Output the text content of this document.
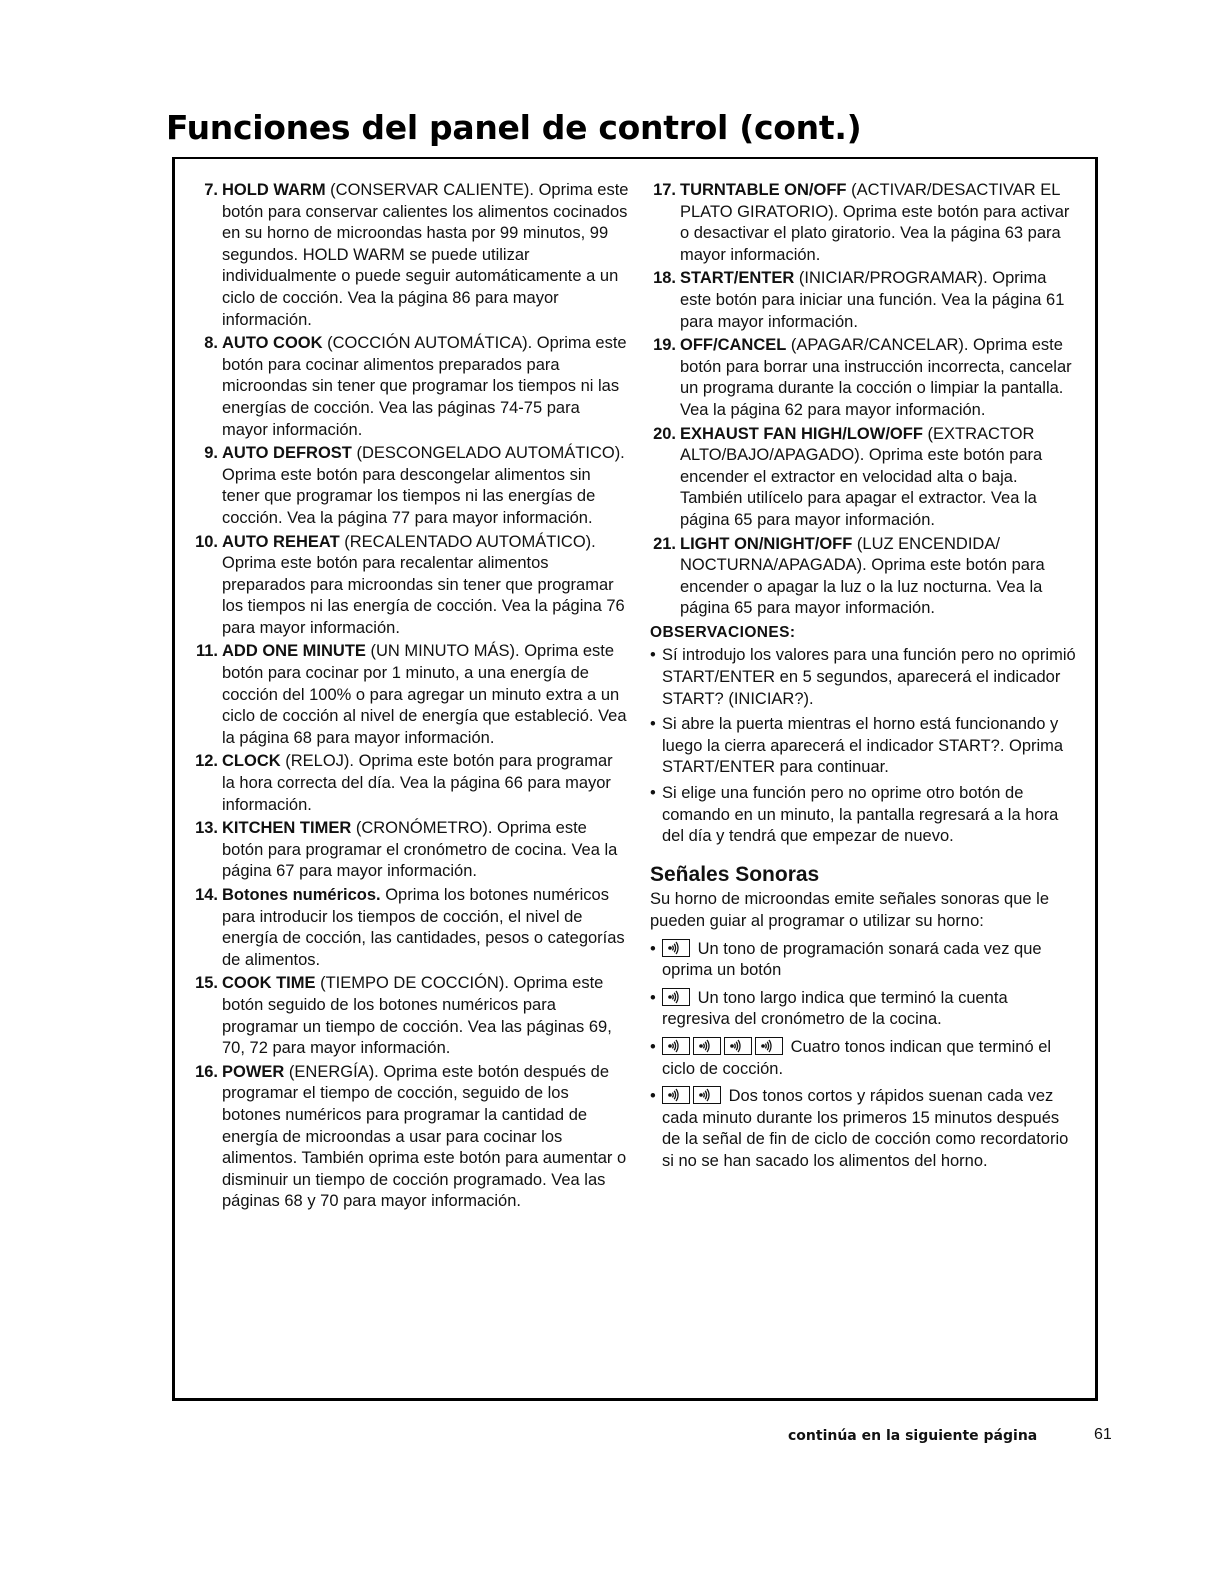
Funciones del panel de control (cont.)
7. HOLD WARM (CONSERVAR CALIENTE). Oprima este botón para conservar calientes los alimentos cocinados en su horno de microondas hasta por 99 minutos, 99 segundos. HOLD WARM se puede utilizar individualmente o puede seguir automáticamente a un ciclo de cocción. Vea la página 86 para mayor información.
8. AUTO COOK (COCCIÓN AUTOMÁTICA). Oprima este botón para cocinar alimentos preparados para microondas sin tener que programar los tiempos ni las energías de cocción. Vea las páginas 74-75 para mayor información.
9. AUTO DEFROST (DESCONGELADO AUTOMÁTICO). Oprima este botón para descongelar alimentos sin tener que programar los tiempos ni las energías de cocción. Vea la página 77 para mayor información.
10. AUTO REHEAT (RECALENTADO AUTOMÁTICO). Oprima este botón para recalentar alimentos preparados para microondas sin tener que programar los tiempos ni las energía de cocción. Vea la página 76 para mayor información.
11. ADD ONE MINUTE (UN MINUTO MÁS). Oprima este botón para cocinar por 1 minuto, a una energía de cocción del 100% o para agregar un minuto extra a un ciclo de cocción al nivel de energía que estableció. Vea la página 68 para mayor información.
12. CLOCK (RELOJ). Oprima este botón para programar la hora correcta del día. Vea la página 66 para mayor información.
13. KITCHEN TIMER (CRONÓMETRO). Oprima este botón para programar el cronómetro de cocina. Vea la página 67 para mayor información.
14. Botones numéricos. Oprima los botones numéricos para introducir los tiempos de cocción, el nivel de energía de cocción, las cantidades, pesos o categorías de alimentos.
15. COOK TIME (TIEMPO DE COCCIÓN). Oprima este botón seguido de los botones numéricos para programar un tiempo de cocción. Vea las páginas 69, 70, 72 para mayor información.
16. POWER (ENERGÍA). Oprima este botón después de programar el tiempo de cocción, seguido de los botones numéricos para programar la cantidad de energía de microondas a usar para cocinar los alimentos. También oprima este botón para aumentar o disminuir un tiempo de cocción programado. Vea las páginas 68 y 70 para mayor información.
17. TURNTABLE ON/OFF (ACTIVAR/DESACTIVAR EL PLATO GIRATORIO). Oprima este botón para activar o desactivar el plato giratorio. Vea la página 63 para mayor información.
18. START/ENTER (INICIAR/PROGRAMAR). Oprima este botón para iniciar una función. Vea la página 61 para mayor información.
19. OFF/CANCEL (APAGAR/CANCELAR). Oprima este botón para borrar una instrucción incorrecta, cancelar un programa durante la cocción o limpiar la pantalla. Vea la página 62 para mayor información.
20. EXHAUST FAN HIGH/LOW/OFF (EXTRACTOR ALTO/BAJO/APAGADO). Oprima este botón para encender el extractor en velocidad alta o baja. También utilícelo para apagar el extractor. Vea la página 65 para mayor información.
21. LIGHT ON/NIGHT/OFF (LUZ ENCENDIDA/ NOCTURNA/APAGADA). Oprima este botón para encender o apagar la luz o la luz nocturna. Vea la página 65 para mayor información.
OBSERVACIONES:
• Sí introdujo los valores para una función pero no oprimió START/ENTER en 5 segundos, aparecerá el indicador START? (INICIAR?).
• Si abre la puerta mientras el horno está funcionando y luego la cierra aparecerá el indicador START?. Oprima START/ENTER para continuar.
• Si elige una función pero no oprime otro botón de comando en un minuto, la pantalla regresará a la hora del día y tendrá que empezar de nuevo.
Señales Sonoras
Su horno de microondas emite señales sonoras que le pueden guiar al programar o utilizar su horno:
•	Un tono de programación sonará cada vez que oprima un botón
•	Un tono largo indica que terminó la cuenta regresiva del cronómetro de la cocina.
•	Cuatro tonos indican que terminó el ciclo de cocción.
•	Dos tonos cortos y rápidos suenan cada vez cada minuto durante los primeros 15 minutos después de la señal de fin de ciclo de cocción como recordatorio si no se han sacado los alimentos del horno.
continúa en la siguiente página	61
